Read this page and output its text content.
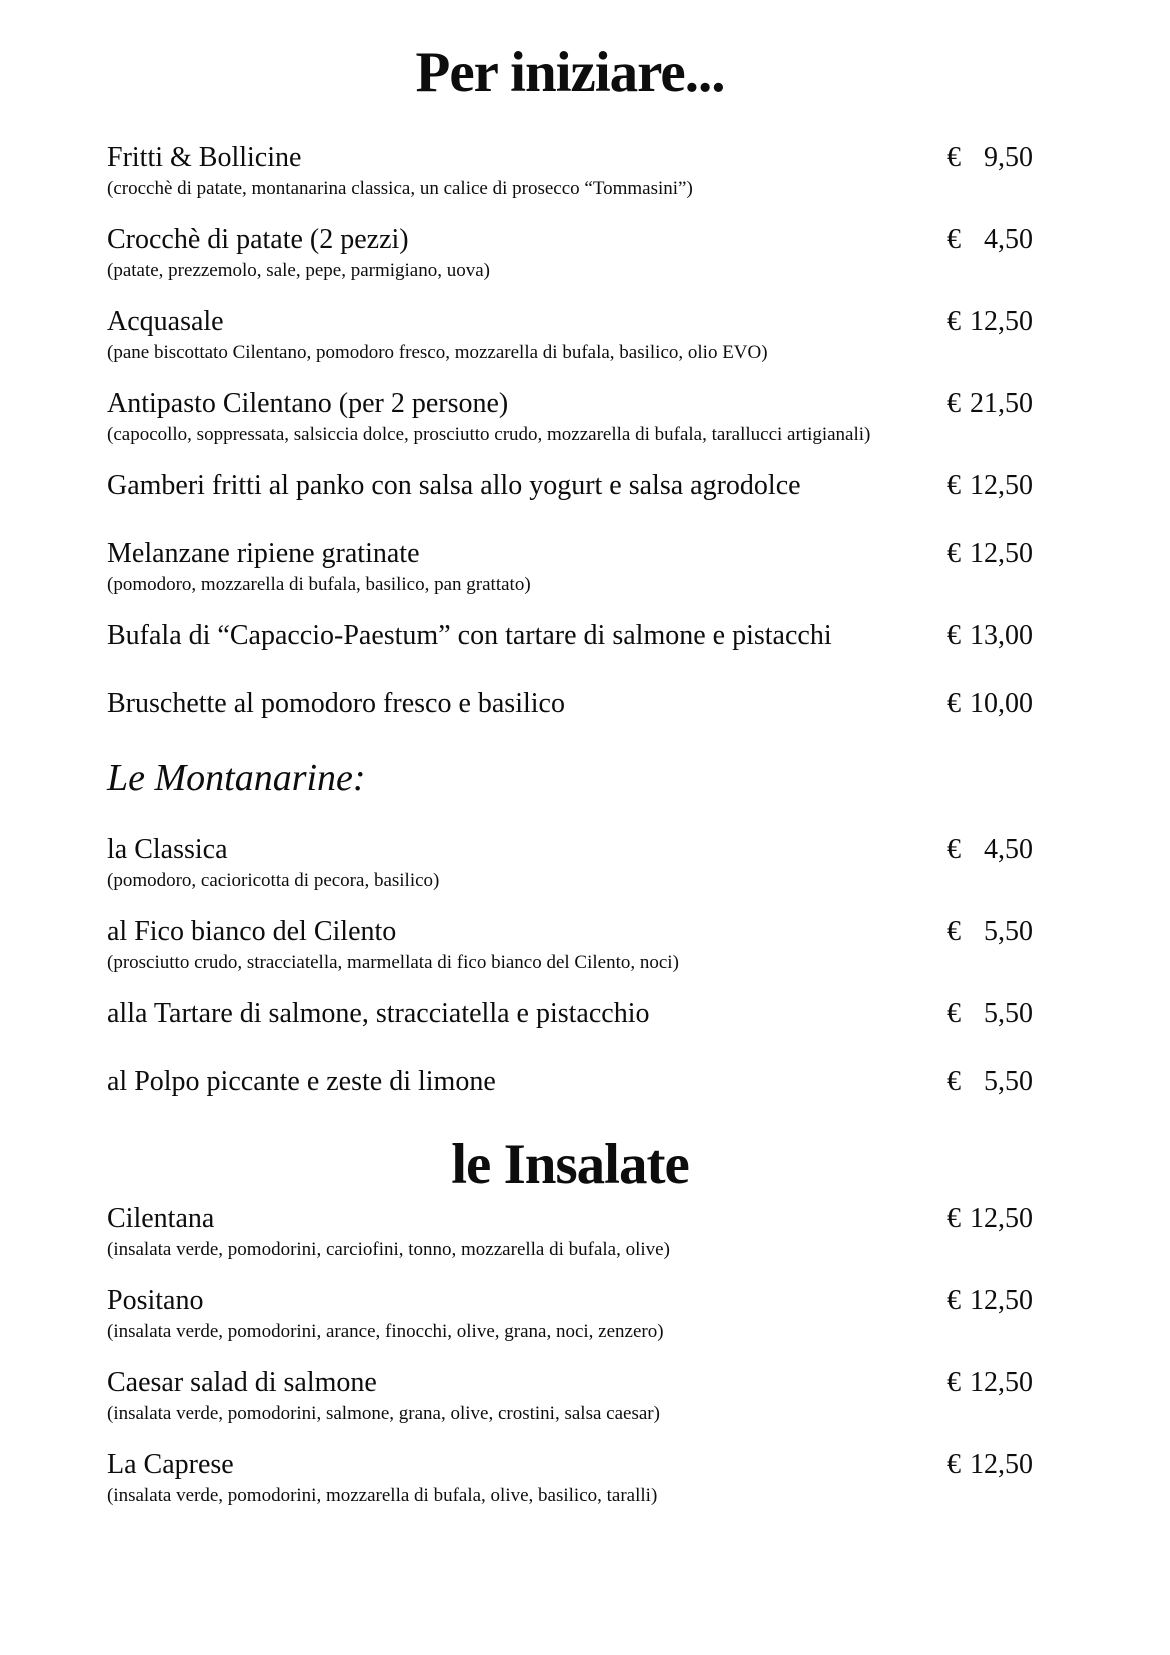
Per iniziare...
Fritti & Bollicine	€ 9,50

(crocchè di patate, montanarina classica, un calice di prosecco “Tommasini”)

Crocchè di patate (2 pezzi)	€ 4,50

(patate, prezzemolo, sale, pepe, parmigiano, uova)

Acquasale	€ 12,50

(pane biscottato Cilentano, pomodoro fresco, mozzarella di bufala, basilico, olio EVO)

Antipasto Cilentano (per 2 persone)	€ 21,50

(capocollo, soppressata, salsiccia dolce, prosciutto crudo, mozzarella di bufala, tarallucci artigianali)

Gamberi fritti al panko con salsa allo yogurt e salsa agrodolce	€ 12,50
Melanzane ripiene gratinate	€ 12,50

(pomodoro, mozzarella di bufala, basilico, pan grattato)

Bufala di “Capaccio-Paestum” con tartare di salmone e pistacchi	€ 13,00
Bruschette al pomodoro fresco e basilico	€ 10,00
Le Montanarine:
la Classica	€ 4,50

(pomodoro, cacioricotta di pecora, basilico)

al Fico bianco del Cilento	€ 5,50

(prosciutto crudo, stracciatella, marmellata di fico bianco del Cilento, noci)

alla Tartare di salmone, stracciatella e pistacchio	€ 5,50
al Polpo piccante e zeste di limone	€ 5,50
le Insalate
Cilentana	€ 12,50

(insalata verde, pomodorini, carciofini, tonno, mozzarella di bufala, olive)

Positano	€ 12,50

(insalata verde, pomodorini, arance, finocchi, olive, grana, noci, zenzero)

Caesar salad di salmone	€ 12,50

(insalata verde, pomodorini, salmone, grana, olive, crostini, salsa caesar)

La Caprese	€ 12,50

(insalata verde, pomodorini, mozzarella di bufala, olive, basilico, taralli)
